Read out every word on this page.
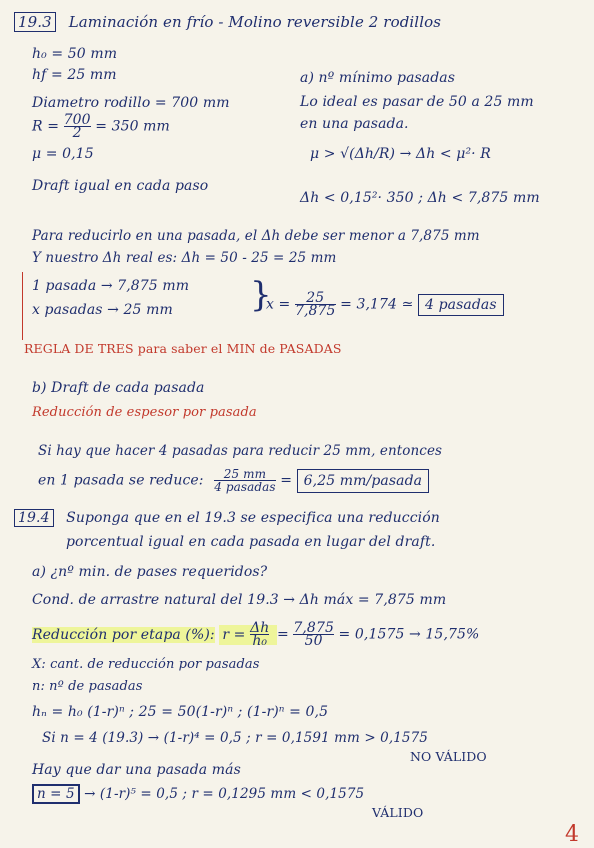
19.3 Laminación en frío - Molino reversible 2 rodillos
h₀ = 50 mm
hf = 25 mm
Diametro rodillo = 700 mm
$R = \frac{700}{2} = 350$ mm
μ = 0,15
Draft igual en cada paso
a) nº mínimo pasadas
Lo ideal es pasar de 50 a 25 mm
en una pasada.
μ > √(Δh/R) → Δh < μ²· R
Δh < 0,15²· 350 ; Δh < 7,875 mm
Para reducirlo en una pasada, el Δh debe ser menor a 7,875 mm
Y nuestro Δh real es: Δh = 50 - 25 = 25 mm
1 pasada → 7,875 mm
x pasadas → 25 mm }
$x = \frac{25}{7,875} = 3,174$ ≃ 4 pasadas
REGLA DE TRES para saber el MIN de PASADAS
b) Draft de cada pasada
Reducción de espesor por pasada
Si hay que hacer 4 pasadas para reducir 25 mm, entonces
en 1 pasada se reduce: $\frac{25 mm}{\text{4 pasadas}} = 6,25$ mm/pasada
19.4 Suponga que en el 19.3 se especifica una reducción
porcentual igual en cada pasada en lugar del draft.
a) ¿nº min. de pases requeridos?
Cond. de arrastre natural del 19.3 → Δh máx = 7,875 mm
Reducción por etapa (%): $r = \frac{\Delta h}{\text{h₀}} = \frac{7,875}{50} = 0,1575 \to 15,75\%$
X: cant. de reducción por pasadas
n: nº de pasadas
hₙ = h₀ (1-r)ⁿ ; 25 = 50(1-r)ⁿ ; (1-r)ⁿ = 0,5
Si n = 4 (19.3) → (1-r)⁴ = 0,5 ; r = 0,1591 mm > 0,1575
NO VÁLIDO
Hay que dar una pasada más
n = 5 → (1-r)⁵ = 0,5 ; r = 0,1295 mm < 0,1575
VÁLIDO
4
